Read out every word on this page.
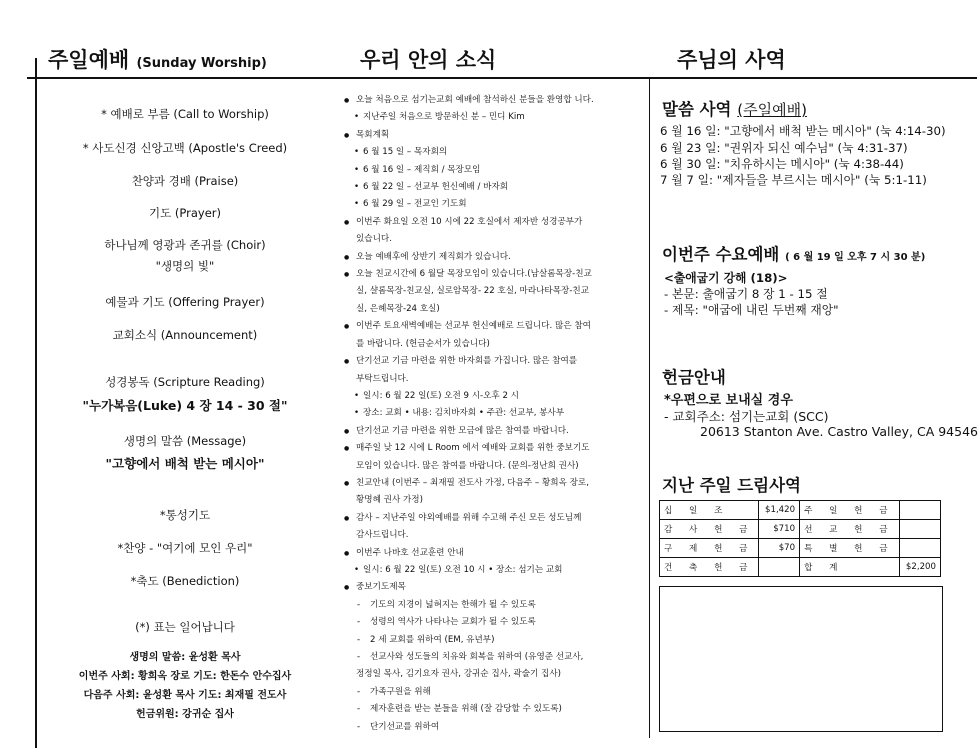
주일예배 (Sunday Worship)	우리 안의 소식	주님의 사역
* 예배로 부름 (Call to Worship)
* 사도신경 신앙고백 (Apostle's Creed)
찬양과 경배 (Praise)
기도 (Prayer)
하나님께 영광과 존귀를 (Choir)
"생명의 빛"
예물과 기도 (Offering Prayer)
교회소식 (Announcement)
성경봉독 (Scripture Reading)
"누가복음(Luke) 4 장 14 - 30 절"
생명의 말씀 (Message)
"고향에서 배척 받는 메시아"
*통성기도
*찬양 - "여기에 모인 우리"
*축도 (Benediction)
(*) 표는 일어납니다
생명의 말씀: 윤성환 목사
이번주 사회: 황희옥 장로 기도: 한돈수 안수집사
다음주 사회: 윤성환 목사 기도: 최재필 전도사
헌금위원: 강귀순 집사
● 오늘 처음으로 섬기는교회 예배에 참석하신 분들을 환영합 니다.
• 지난주일 처음으로 방문하신 분 – 민디 Kim
● 목회계획
• 6 월 15 일 – 목자회의
• 6 월 16 일 – 제직회 / 목장모임
• 6 월 22 일 – 선교부 헌신예배 / 바자회
• 6 월 29 일 – 전교인 기도회
● 이번주 화요일 오전 10 시에 22 호실에서 제자반 성경공부가
있습니다.
● 오늘 예배후에 상반기 제직회가 있습니다.
● 오늘 친교시간에 6 월달 목장모임이 있습니다.(남살롬목장-친교
실, 샬롬목장-친교실, 실로암목장- 22 호실, 마라나타목장-친교
실, 은혜목장-24 호실)
● 이번주 토요새벽예배는 선교부 헌신예배로 드립니다. 많은 참여
를 바랍니다. (헌금순서가 있습니다)
● 단기선교 기금 마련을 위한 바자회를 가집니다. 많은 참여를
부탁드립니다.
• 일시: 6 월 22 일(토) 오전 9 시-오후 2 시
• 장소: 교회 • 내용: 김치바자회 • 주관: 선교부, 봉사부
● 단기선교 기금 마련을 위한 모금에 많은 참여를 바랍니다.
● 매주일 낮 12 시에 L Room 에서 예배와 교회를 위한 중보기도
모임이 있습니다. 많은 참여를 바랍니다. (문의-정난희 권사)
● 친교안내 (이번주 – 최재필 전도사 가정, 다음주 – 황희옥 장로,
황명혜 권사 가정)
● 감사 – 지난주일 야외예배를 위해 수고해 주신 모든 성도님께
감사드립니다.
● 이번주 나바호 선교훈련 안내
• 일시: 6 월 22 일(토) 오전 10 시 • 장소: 섬기는 교회
● 중보기도제목
- 기도의 지경이 넓혀지는 한해가 될 수 있도록
- 성령의 역사가 나타나는 교회가 될 수 있도록
- 2 세 교회를 위하여 (EM, 유년부)
- 선교사와 성도들의 치유와 회복을 위하여 (유영준 선교사,
정정일 목사, 김기요자 권사, 강귀순 집사, 곽술기 집사)
- 가족구원을 위해
- 제자훈련을 받는 분들을 위해 (잘 감당할 수 있도록)
- 단기선교를 위하여
말씀 사역 (주일예배)
6 월 16 일: "고향에서 배척 받는 메시아" (눅 4:14-30)
6 월 23 일: "권위자 되신 예수님" (눅 4:31-37)
6 월 30 일: "치유하시는 메시아" (눅 4:38-44)
7 월 7 일: "제자들을 부르시는 메시아" (눅 5:1-11)
이번주 수요예배 ( 6 월 19 일 오후 7 시 30 분)
<출애굽기 강해 (18)>
- 본문: 출애굽기 8 장 1 - 15 절
- 제목: "애굽에 내린 두번째 재앙"
헌금안내
*우편으로 보내실 경우
- 교회주소: 섬기는교회 (SCC)
20613 Stanton Ave. Castro Valley, CA 94546
지난 주일 드림사역
십 일 조	$1,420	주 일 헌 금	
감 사 헌 금	$710	선 교 헌 금	
구 제 헌 금	$70	특 별 헌 금	
건 축 헌 금		합 계	$2,200
